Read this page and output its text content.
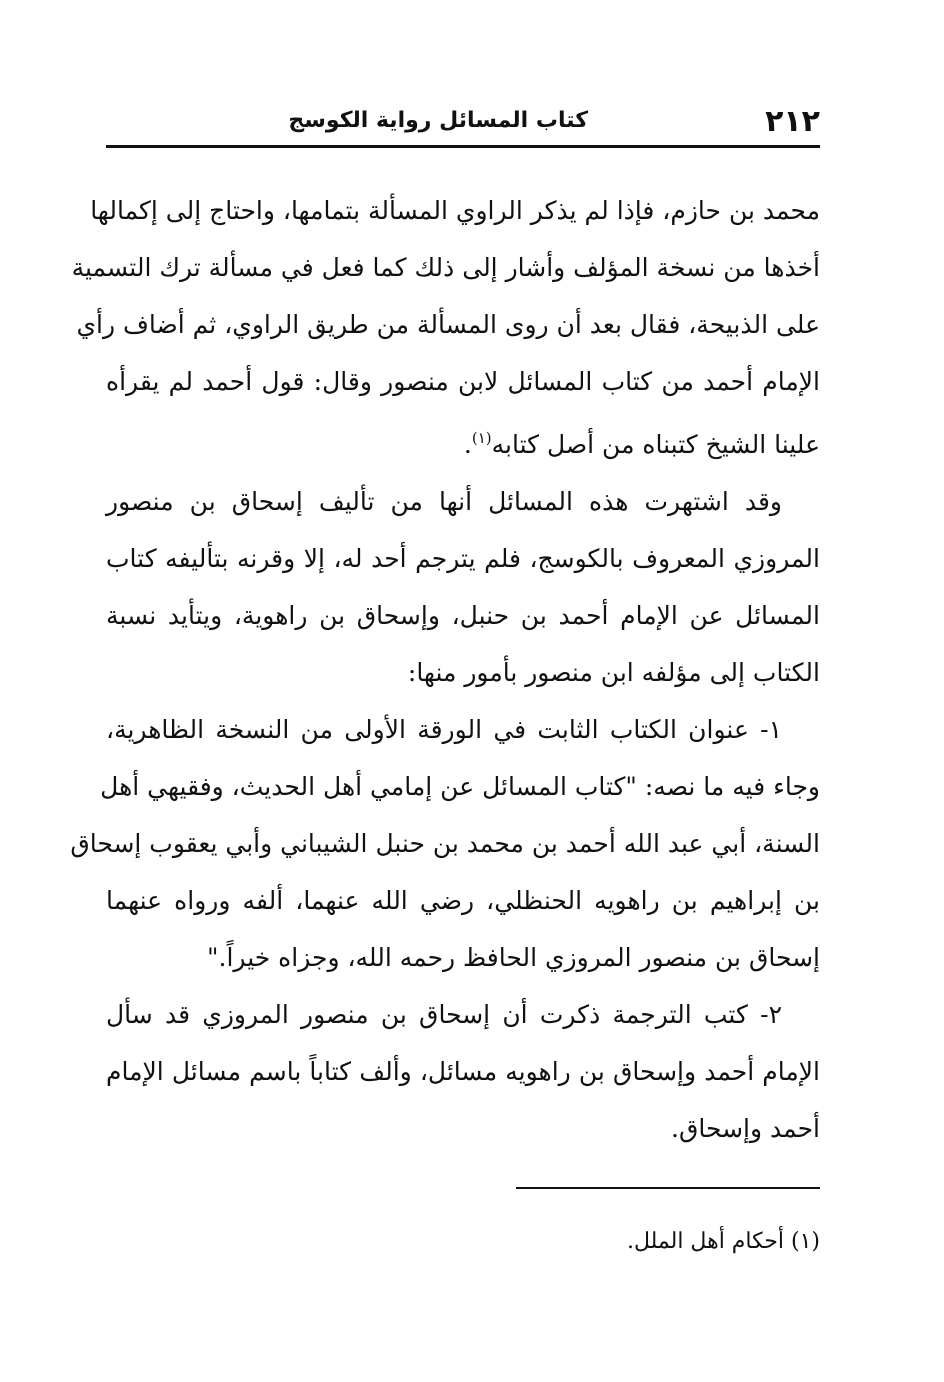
٢١٢
كتاب المسائل رواية الكوسج

محمد بن حازم، فإذا لم يذكر الراوي المسألة بتمامها، واحتاج إلى إكمالها
أخذها من نسخة المؤلف وأشار إلى ذلك كما فعل في مسألة ترك التسمية
على الذبيحة، فقال بعد أن روى المسألة من طريق الراوي، ثم أضاف رأي
الإمام أحمد من كتاب المسائل لابن منصور وقال: قول أحمد لم يقرأه
علينا الشيخ كتبناه من أصل كتابه$^{(١)}$.

وقد اشتهرت هذه المسائل أنها من تأليف إسحاق بن منصور
المروزي المعروف بالكوسج، فلم يترجم أحد له، إلا وقرنه بتأليفه كتاب
المسائل عن الإمام أحمد بن حنبل، وإسحاق بن راهوية، ويتأيد نسبة
الكتاب إلى مؤلفه ابن منصور بأمور منها:

١- عنوان الكتاب الثابت في الورقة الأولى من النسخة الظاهرية،
وجاء فيه ما نصه: "كتاب المسائل عن إمامي أهل الحديث، وفقيهي أهل
السنة، أبي عبد الله أحمد بن محمد بن حنبل الشيباني وأبي يعقوب إسحاق
بن إبراهيم بن راهويه الحنظلي، رضي الله عنهما، ألفه ورواه عنهما
إسحاق بن منصور المروزي الحافظ رحمه الله، وجزاه خيراً."

٢- كتب الترجمة ذكرت أن إسحاق بن منصور المروزي قد سأل
الإمام أحمد وإسحاق بن راهويه مسائل، وألف كتاباً باسم مسائل الإمام
أحمد وإسحاق.

(١) أحكام أهل الملل.
